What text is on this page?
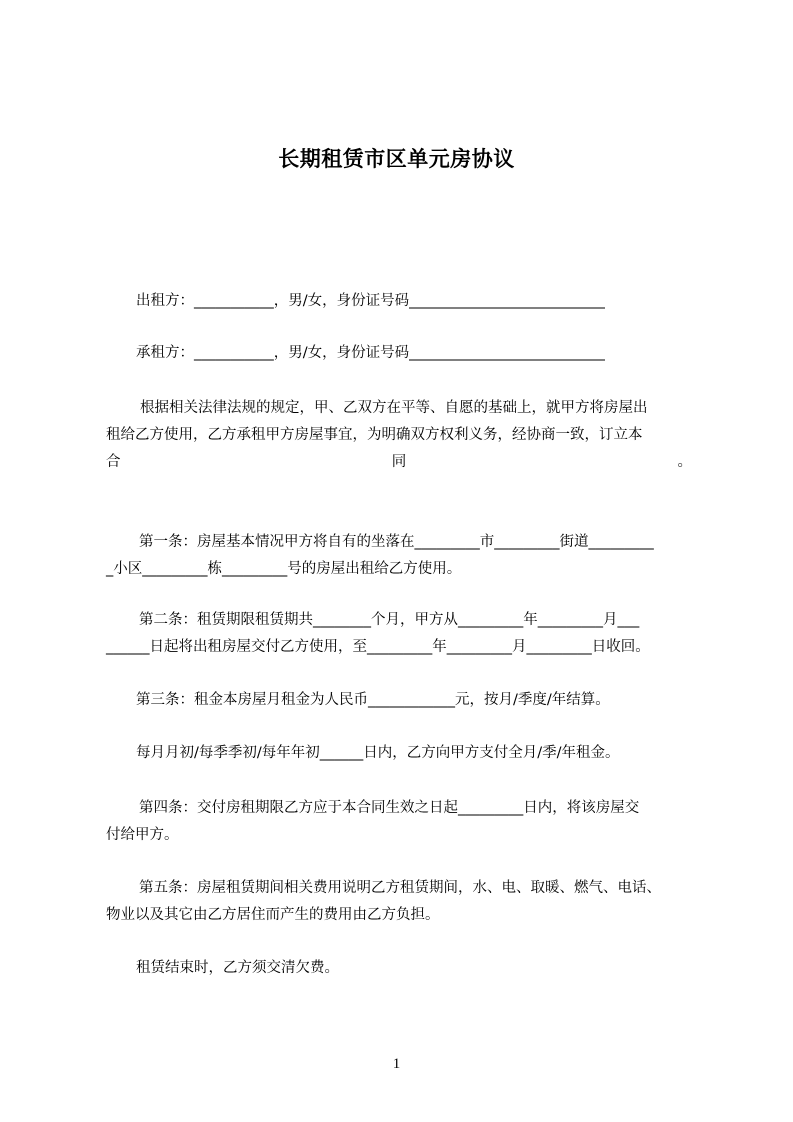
长期租赁市区单元房协议
出租方：___________，男/女，身份证号码___________________________
承租方：___________，男/女，身份证号码___________________________
根据相关法律法规的规定，甲、乙双方在平等、自愿的基础上，就甲方将房屋出
租给乙方使用，乙方承租甲方房屋事宜，为明确双方权利义务，经协商一致，订立本
合	同	。
第一条：房屋基本情况甲方将自有的坐落在_________市_________街道_________
_小区_________栋_________号的房屋出租给乙方使用。
第二条：租赁期限租赁期共________个月，甲方从_________年_________月___
______日起将出租房屋交付乙方使用，至_________年_________月_________日收回。
第三条：租金本房屋月租金为人民币____________元，按月/季度/年结算。
每月月初/每季季初/每年年初______日内，乙方向甲方支付全月/季/年租金。
第四条：交付房租期限乙方应于本合同生效之日起_________日内，将该房屋交
付给甲方。
第五条：房屋租赁期间相关费用说明乙方租赁期间，水、电、取暖、燃气、电话、
物业以及其它由乙方居住而产生的费用由乙方负担。
租赁结束时，乙方须交清欠费。
1
